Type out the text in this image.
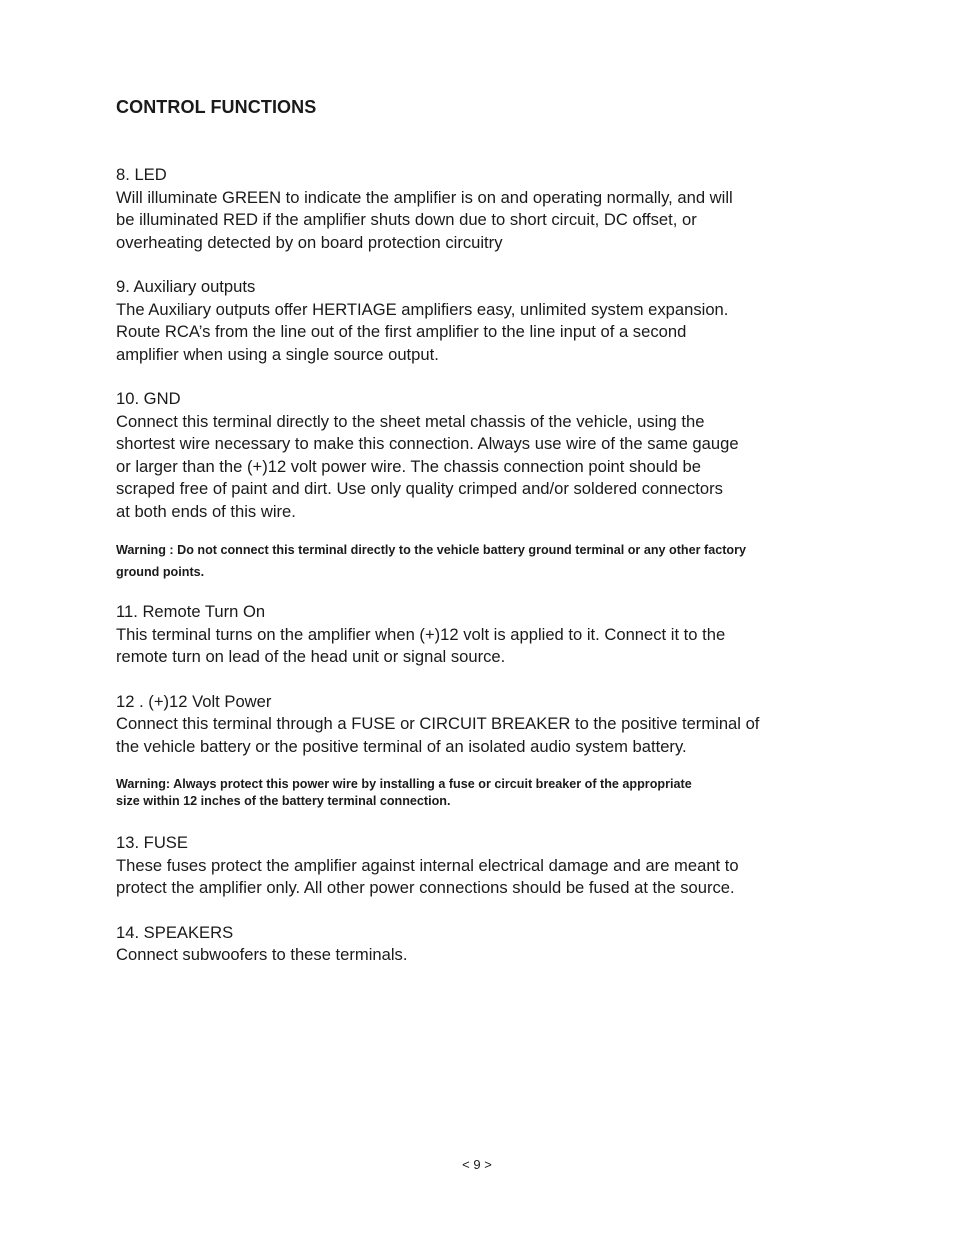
CONTROL FUNCTIONS

8. LED

Will illuminate GREEN to indicate the amplifier is on and operating normally, and will
be illuminated RED if the amplifier shuts down due to short circuit, DC offset, or
overheating detected by on board protection circuitry

9. Auxiliary outputs

The Auxiliary outputs offer HERTIAGE amplifiers easy, unlimited system expansion.
Route RCA’s from the line out of the first amplifier to the line input of a second
amplifier when using a single source output.

10. GND

Connect this terminal directly to the sheet metal chassis of the vehicle, using the
shortest wire necessary to make this connection. Always use wire of the same gauge
or larger than the (+)12 volt power wire. The chassis connection point should be
scraped free of paint and dirt. Use only quality crimped and/or soldered connectors
at both ends of this wire.

Warning : Do not connect this terminal directly to the vehicle battery ground terminal or any other factory
ground points.

11. Remote Turn On

This terminal turns on the amplifier when (+)12 volt is applied to it. Connect it to the
remote turn on lead of the head unit or signal source.

12 . (+)12 Volt Power

Connect this terminal through a FUSE or CIRCUIT BREAKER to the positive terminal of
the vehicle battery or the positive terminal of an isolated audio system battery.

Warning: Always protect this power wire by installing a fuse or circuit breaker of the appropriate
size within 12 inches of the battery terminal connection.

13. FUSE

These fuses protect the amplifier against internal electrical damage and are meant to
protect the amplifier only. All other power connections should be fused at the source.

14. SPEAKERS

Connect subwoofers to these terminals.

< 9 >
